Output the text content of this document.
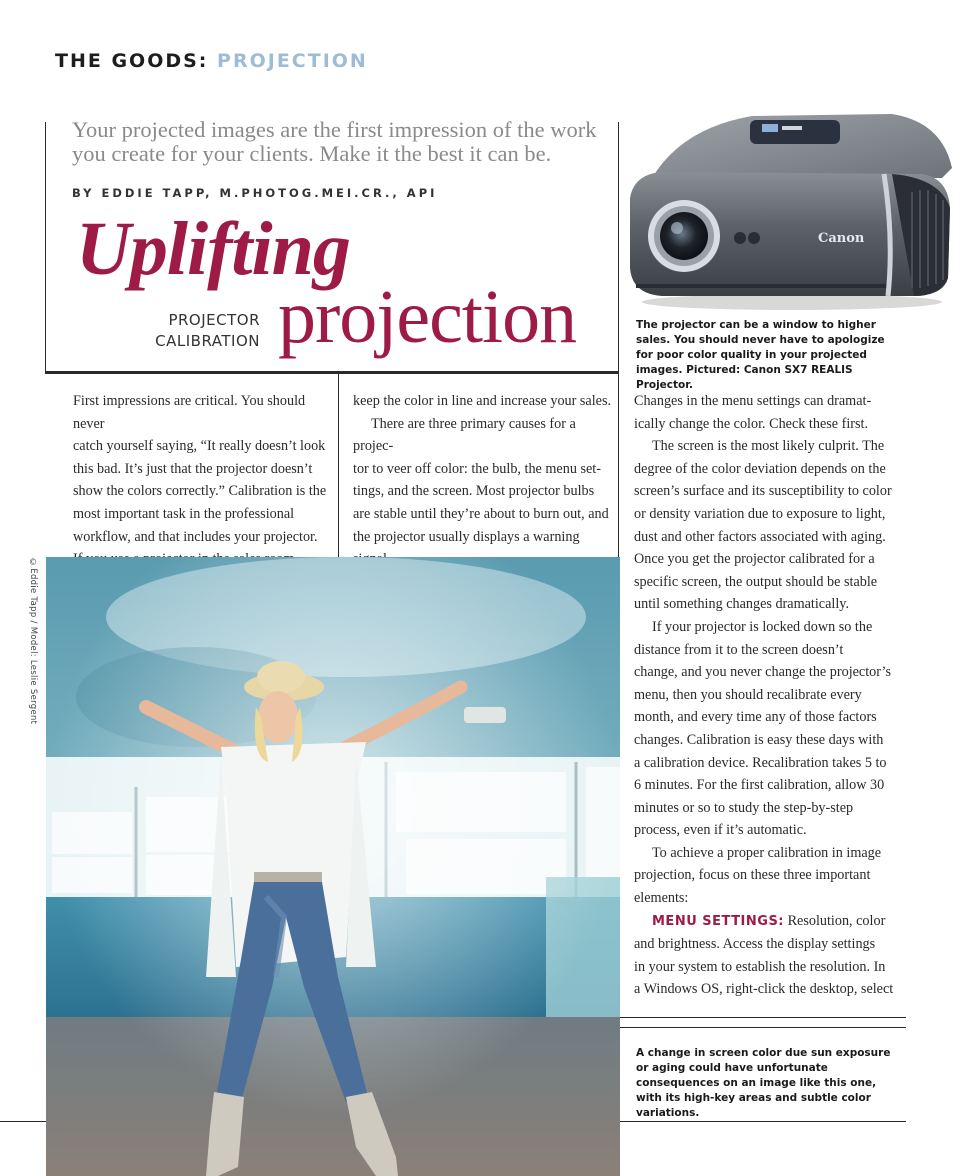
THE GOODS: PROJECTION
Your projected images are the first impression of the work you create for your clients. Make it the best it can be.
BY EDDIE TAPP, M.PHOTOG.MEI.CR., API
Uplifting
PROJECTOR
CALIBRATION projection
Canon
The projector can be a window to higher sales. You should never have to apologize for poor color quality in your projected images. Pictured: Canon SX7 REALIS Projector.

First impressions are critical. You should never

catch yourself saying, “It really doesn’t look

this bad. It’s just that the projector doesn’t

show the colors correctly.” Calibration is the

most important task in the professional

workflow, and that includes your projector.

keep the color in line and increase your sales.

There are three primary causes for a projec-

tor to veer off color: the bulb, the menu set-

tings, and the screen. Most projector bulbs

are stable until they’re about to burn out, and

the projector usually displays a warning

Changes in the menu settings can dramat-

ically change the color. Check these first.

The screen is the most likely culprit. The

degree of the color deviation depends on the

screen’s surface and its susceptibility to color

or density variation due to exposure to light,

dust and other factors associated with aging.

Once you get the projector calibrated for a

specific screen, the output should be stable

until something changes dramatically.

If your projector is locked down so the

distance from it to the screen doesn’t

change, and you never change the projector’s

menu, then you should recalibrate every

month, and every time any of those factors

changes. Calibration is easy these days with

a calibration device. Recalibration takes 5 to

6 minutes. For the first calibration, allow 30

minutes or so to study the step-by-step

process, even if it’s automatic.

To achieve a proper calibration in image

projection, focus on these three important

elements:

MENU SETTINGS: Resolution, color

and brightness. Access the display settings

in your system to establish the resolution. In

a Windows OS, right-click the desktop, select

A change in screen color due sun exposure or aging could have unfortunate consequences on an image like this one, with its high-key areas and subtle color variations.
©Eddie Tapp / Model: Leslie Sergent
